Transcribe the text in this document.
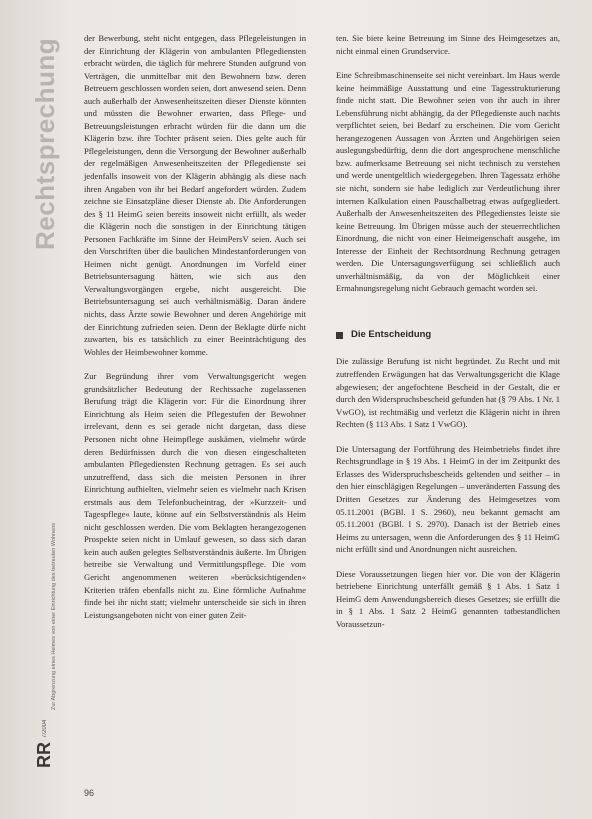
Rechtsprechung
Zur Abgrenzung eines Heimes von einer Einrichtung des betreuten Wohnens
7/2004
RR
96

der Bewerbung, steht nicht entgegen, dass Pflegeleistungen in der Einrichtung der Klägerin von ambulanten Pflegediensten erbracht würden, die täglich für mehrere Stunden aufgrund von Verträgen, die unmittelbar mit den Bewohnern bzw. deren Betreuern geschlossen worden seien, dort anwesend seien. Denn auch außerhalb der Anwesenheitszeiten dieser Dienste könnten und müssten die Bewohner erwarten, dass Pflege- und Betreuungsleistungen erbracht würden für die dann um die Klägerin bzw. ihre Tochter präsent seien. Dies gelte auch für Pflegeleistungen, denn die Versorgung der Bewohner außerhalb der regelmäßigen Anwesenheitszeiten der Pflegedienste sei jedenfalls insoweit von der Klägerin abhängig als diese nach ihren Angaben von ihr bei Bedarf angefordert würden. Zudem zeichne sie Einsatzpläne dieser Dienste ab. Die Anforderungen des § 11 HeimG seien bereits insoweit nicht erfüllt, als weder die Klägerin noch die sonstigen in der Einrichtung tätigen Personen Fachkräfte im Sinne der HeimPersV seien. Auch sei den Vorschriften über die baulichen Mindestanforderungen von Heimen nicht genügt. Anordnungen im Vorfeld einer Betriebsuntersagung hätten, wie sich aus den Verwaltungsvorgängen ergebe, nicht ausgereicht. Die Betriebsuntersagung sei auch verhältnismäßig. Daran ändere nichts, dass Ärzte sowie Bewohner und deren Angehörige mit der Einrichtung zufrieden seien. Denn der Beklagte dürfe nicht zuwarten, bis es tatsächlich zu einer Beeinträchtigung des Wohles der Heimbewohner komme.

Zur Begründung ihrer vom Verwaltungsgericht wegen grundsätzlicher Bedeutung der Rechtssache zugelassenen Berufung trägt die Klägerin vor: Für die Einordnung ihrer Einrichtung als Heim seien die Pflegestufen der Bewohner irrelevant, denn es sei gerade nicht dargetan, dass diese Personen nicht ohne Heimpflege auskämen, vielmehr würde deren Bedürfnissen durch die von diesen eingeschalteten ambulanten Pflegediensten Rechnung getragen. Es sei auch unzutreffend, dass sich die meisten Personen in ihrer Einrichtung aufhielten, vielmehr seien es vielmehr nach Krisen erstmals aus dem Telefonbucheintrag, der »Kurzzeit- und Tagespflege« laute, könne auf ein Selbstverständnis als Heim nicht geschlossen werden. Die vom Beklagten herangezogenen Prospekte seien nicht in Umlauf gewesen, so dass sich daran kein auch außen gelegtes Selbstverständnis äußerte. Im Übrigen betreibe sie Verwaltung und Vermittlungspflege. Die vom Gericht angenommenen weiteren »berücksichtigenden« Kriterien träfen ebenfalls nicht zu. Eine förmliche Aufnahme finde bei ihr nicht statt; vielmehr unterscheide sie sich in ihren Leistungsangeboten nicht von einer guten Zeit-

ten. Sie biete keine Betreuung im Sinne des Heimgesetzes an, nicht einmal einen Grundservice.

Eine Schreibmaschinenseite sei nicht vereinbart. Im Haus werde keine heimmäßige Ausstattung und eine Tagesstrukturierung finde nicht statt. Die Bewohner seien von ihr auch in ihrer Lebensführung nicht abhängig, da der Pflegedienste auch nachts verpflichtet seien, bei Bedarf zu erscheinen. Die vom Gericht herangezogenen Aussagen von Ärzten und Angehörigen seien auslegungsbedürftig, denn die dort angesprochene menschliche bzw. aufmerksame Betreuung sei nicht technisch zu verstehen und werde unentgeltlich wiedergegeben. Ihren Tagessatz erhöhe sie nicht, sondern sie habe lediglich zur Verdeutlichung ihrer internen Kalkulation einen Pauschalbetrag etwas aufgegliedert. Außerhalb der Anwesenheitszeiten des Pflegedienstes leiste sie keine Betreuung. Im Übrigen müsse auch der steuerrechtlichen Einordnung, die nicht von einer Heimeigenschaft ausgehe, im Interesse der Einheit der Rechtsordnung Rechnung getragen werden. Die Untersagungsverfügung sei schließlich auch unverhältnismäßig, da von der Möglichkeit einer Ermahnungsregelung nicht Gebrauch gemacht worden sei.

Die Entscheidung

Die zulässige Berufung ist nicht begründet. Zu Recht und mit zutreffenden Erwägungen hat das Verwaltungsgericht die Klage abgewiesen; der angefochtene Bescheid in der Gestalt, die er durch den Widerspruchsbescheid gefunden hat (§ 79 Abs. 1 Nr. 1 VwGO), ist rechtmäßig und verletzt die Klägerin nicht in ihren Rechten (§ 113 Abs. 1 Satz 1 VwGO).

Die Untersagung der Fortführung des Heimbetriebs findet ihre Rechtsgrundlage in § 19 Abs. 1 HeimG in der im Zeitpunkt des Erlasses des Widerspruchsbescheids geltenden und seither – in den hier einschlägigen Regelungen – unveränderten Fassung des Dritten Gesetzes zur Änderung des Heimgesetzes vom 05.11.2001 (BGBl. I S. 2960), neu bekannt gemacht am 05.11.2001 (BGBl. I S. 2970). Danach ist der Betrieb eines Heims zu untersagen, wenn die Anforderungen des § 11 HeimG nicht erfüllt sind und Anordnungen nicht ausreichen.

Diese Voraussetzungen liegen hier vor. Die von der Klägerin betriebene Einrichtung unterfällt gemäß § 1 Abs. 1 Satz 1 HeimG dem Anwendungsbereich dieses Gesetzes; sie erfüllt die in § 1 Abs. 1 Satz 2 HeimG genannten tatbestandlichen Voraussetzun-
